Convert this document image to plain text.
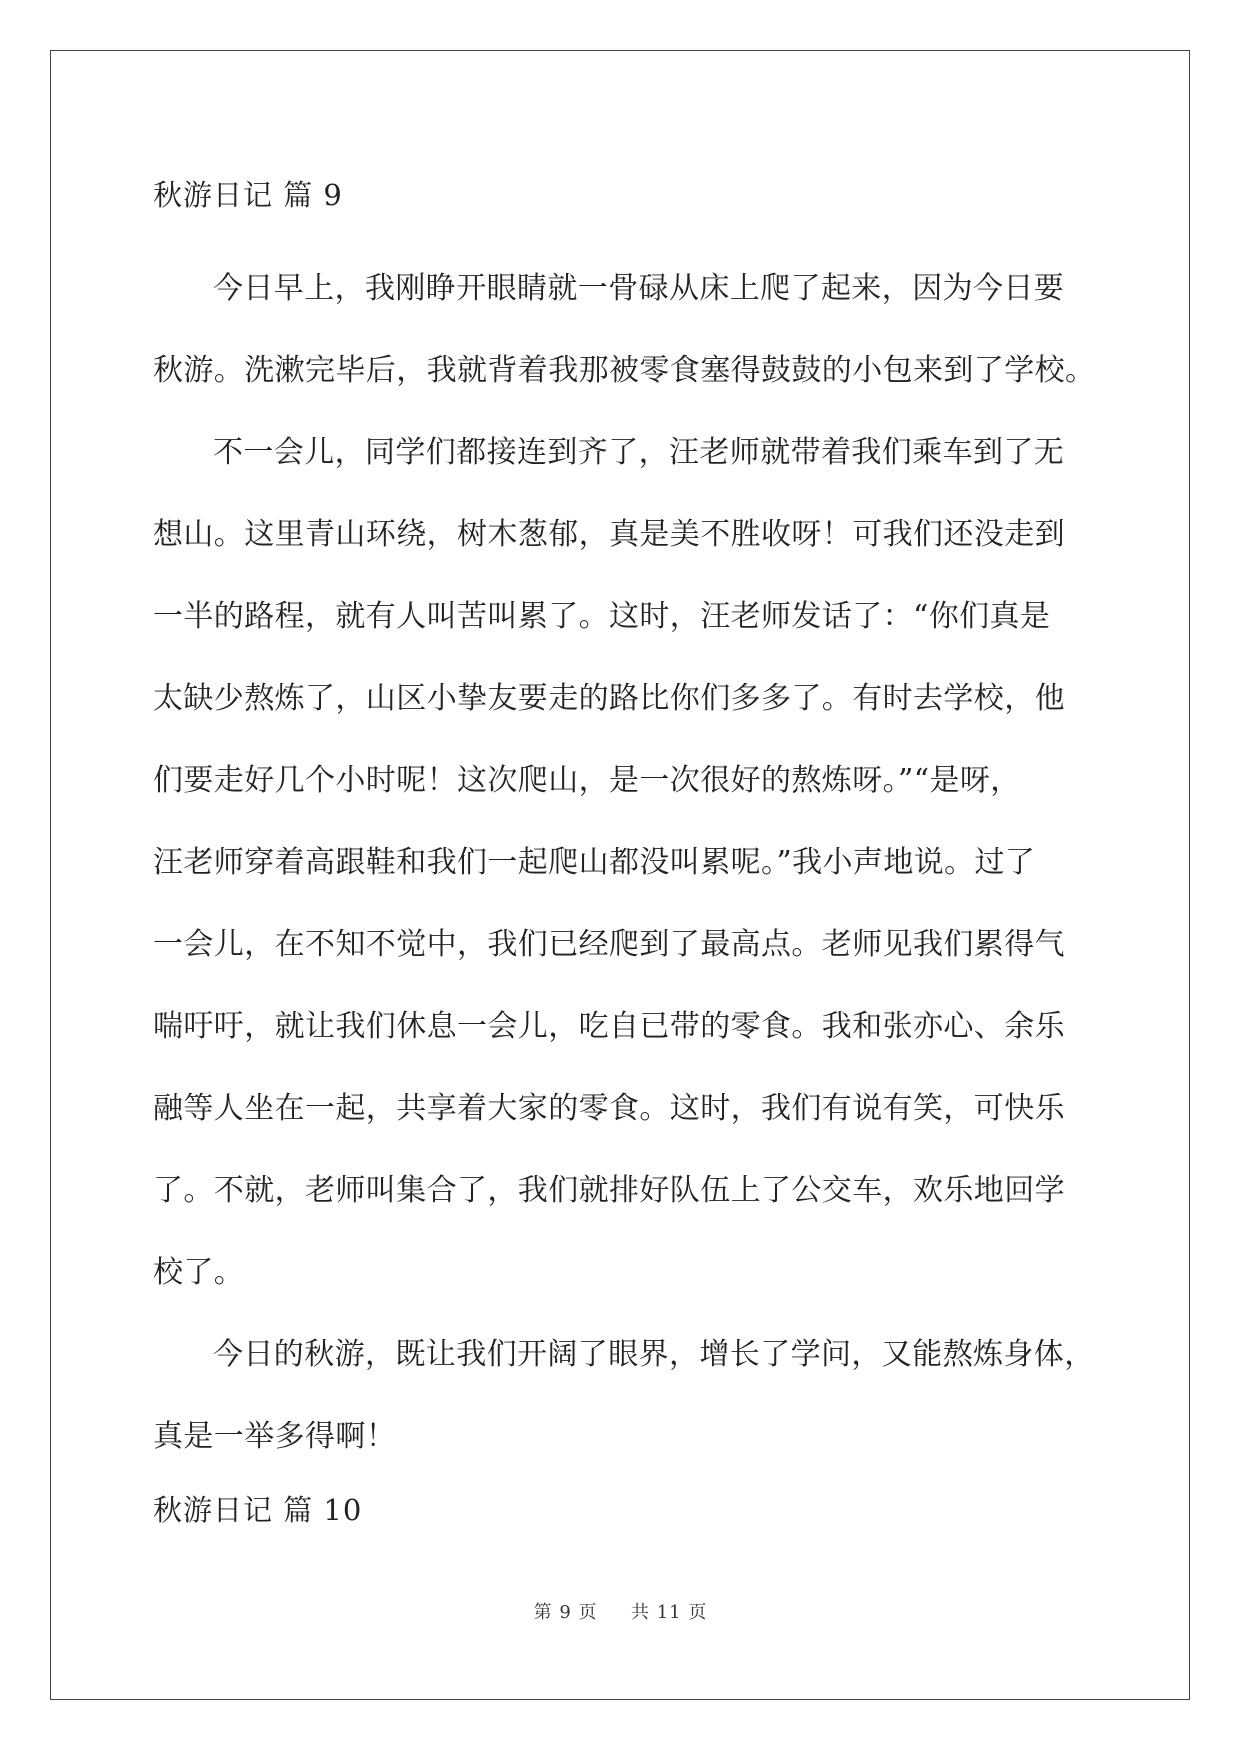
秋游日记 篇 9

今日早上，我刚睁开眼睛就一骨碌从床上爬了起来，因为今日要
秋游。洗漱完毕后，我就背着我那被零食塞得鼓鼓的小包来到了学校。

不一会儿，同学们都接连到齐了，汪老师就带着我们乘车到了无
想山。这里青山环绕，树木葱郁，真是美不胜收呀！可我们还没走到
一半的路程，就有人叫苦叫累了。这时，汪老师发话了：“你们真是
太缺少熬炼了，山区小挚友要走的路比你们多多了。有时去学校，他
们要走好几个小时呢！这次爬山，是一次很好的熬炼呀。”“是呀，
汪老师穿着高跟鞋和我们一起爬山都没叫累呢。”我小声地说。过了
一会儿，在不知不觉中，我们已经爬到了最高点。老师见我们累得气
喘吁吁，就让我们休息一会儿，吃自已带的零食。我和张亦心、余乐
融等人坐在一起，共享着大家的零食。这时，我们有说有笑，可快乐
了。不就，老师叫集合了，我们就排好队伍上了公交车，欢乐地回学
校了。

今日的秋游，既让我们开阔了眼界，增长了学问，又能熬炼身体，
真是一举多得啊！

秋游日记 篇 10
第 9 页 共 11 页
